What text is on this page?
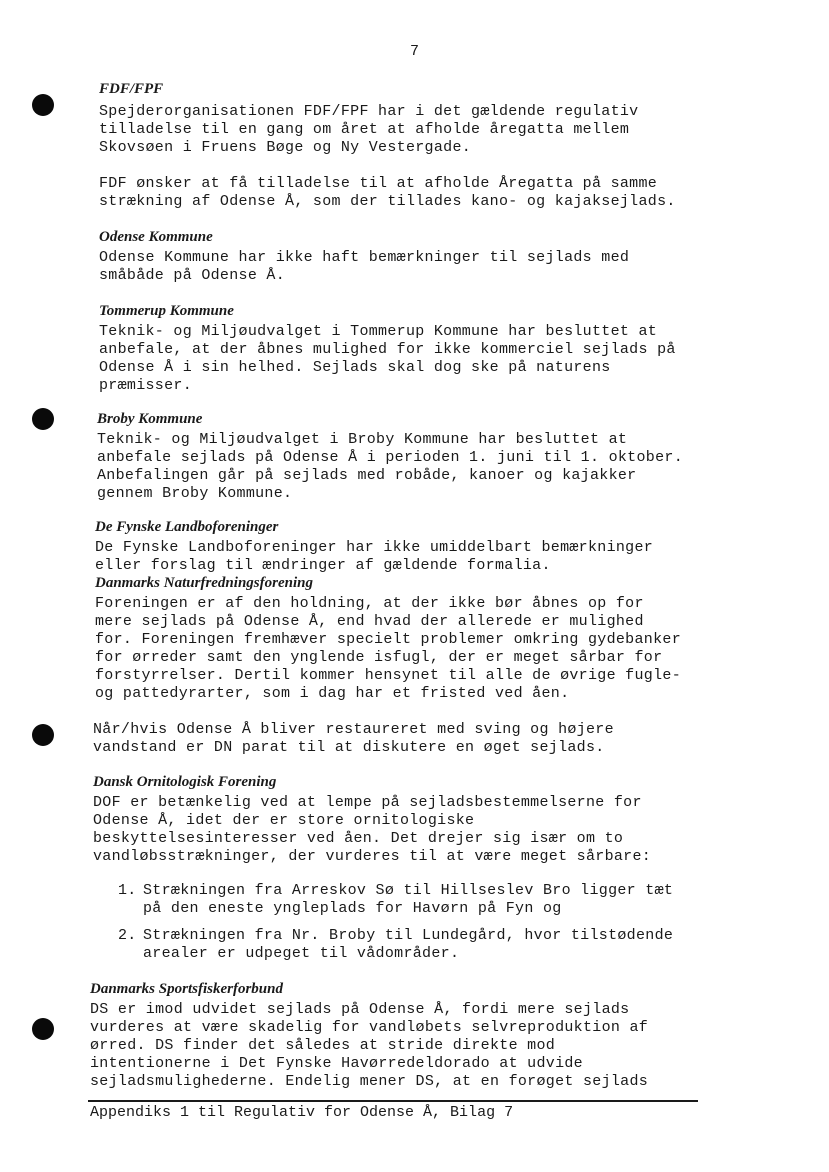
7
FDF/FPF
Spejderorganisationen FDF/FPF har i det gældende regulativ
tilladelse til en gang om året at afholde åregatta mellem
Skovsøen i Fruens Bøge og Ny Vestergade.
FDF ønsker at få tilladelse til at afholde Åregatta på samme
strækning af Odense Å, som der tillades kano- og kajaksejlads.
Odense Kommune
Odense Kommune har ikke haft bemærkninger til sejlads med
småbåde på Odense Å.
Tommerup Kommune
Teknik- og Miljøudvalget i Tommerup Kommune har besluttet at
anbefale, at der åbnes mulighed for ikke kommerciel sejlads på
Odense Å i sin helhed. Sejlads skal dog ske på naturens
præmisser.
Broby Kommune
Teknik- og Miljøudvalget i Broby Kommune har besluttet at
anbefale sejlads på Odense Å i perioden 1. juni til 1. oktober.
Anbefalingen går på sejlads med robåde, kanoer og kajakker
gennem Broby Kommune.
De Fynske Landboforeninger
De Fynske Landboforeninger har ikke umiddelbart bemærkninger
eller forslag til ændringer af gældende formalia.
Danmarks Naturfredningsforening
Foreningen er af den holdning, at der ikke bør åbnes op for
mere sejlads på Odense Å, end hvad der allerede er mulighed
for. Foreningen fremhæver specielt problemer omkring gydebanker
for ørreder samt den ynglende isfugl, der er meget sårbar for
forstyrrelser. Dertil kommer hensynet til alle de øvrige fugle-
og pattedyrarter, som i dag har et fristed ved åen.
Når/hvis Odense Å bliver restaureret med sving og højere
vandstand er DN parat til at diskutere en øget sejlads.
Dansk Ornitologisk Forening
DOF er betænkelig ved at lempe på sejladsbestemmelserne for
Odense Å, idet der er store ornitologiske
beskyttelsesinteresser ved åen. Det drejer sig især om to
vandløbsstrækninger, der vurderes til at være meget sårbare:
1. Strækningen fra Arreskov Sø til Hillseslev Bro ligger tæt
på den eneste yngleplads for Havørn på Fyn og
2. Strækningen fra Nr. Broby til Lundegård, hvor tilstødende
arealer er udpeget til vådområder.
Danmarks Sportsfiskerforbund
DS er imod udvidet sejlads på Odense Å, fordi mere sejlads
vurderes at være skadelig for vandløbets selvreproduktion af
ørred. DS finder det således at stride direkte mod
intentionerne i Det Fynske Havørredeldorado at udvide
sejladsmulighederne. Endelig mener DS, at en forøget sejlads
Appendiks 1 til Regulativ for Odense Å, Bilag 7
